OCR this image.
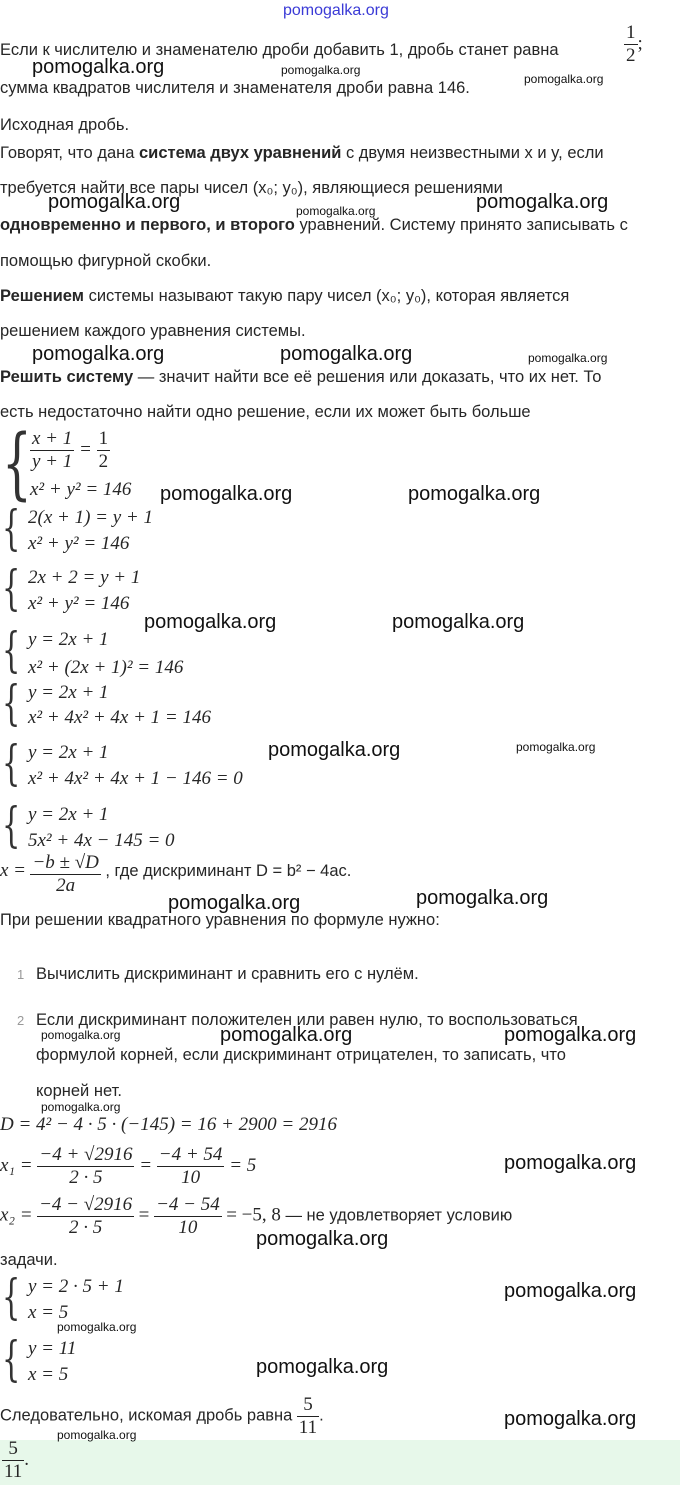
pomogalka.org
Если к числителю и знаменателю дроби добавить 1, дробь станет равна	$\frac{1}{2}$ ;
сумма квадратов числителя и знаменателя дроби равна 146.
Исходная дробь.
pomogalka.org	pomogalka.org
pomogalka.org
Говорят, что дана система двух уравнений с двумя неизвестными x и y, если
требуется найти все пары чисел (x₀; y₀), являющиеся решениями
pomogalka.org	pomogalka.org	pomogalka.org
одновременно и первого, и второго уравнений. Систему принято записывать с
помощью фигурной скобки.
Решением системы называют такую пару чисел (x₀; y₀), которая является
решением каждого уравнения системы.
pomogalka.org	pomogalka.org	pomogalka.org
Решить систему — значит найти все её решения или доказать, что их нет. То
есть недостаточно найти одно решение, если их может быть больше
{
$\frac{x + 1}{y + 1} = \frac{1}{2}$
x² + y² = 146 pomogalka.org	pomogalka.org
{ 2(x + 1) = y + 1
x² + y² = 146
{ 2x + 2 = y + 1
x² + y² = 146
pomogalka.org	pomogalka.org
{ y = 2x + 1
x² + (2x + 1)² = 146
{ y = 2x + 1
x² + 4x² + 4x + 1 = 146
{ y = 2x + 1
x² + 4x² + 4x + 1 − 146 = 0
pomogalka.org	pomogalka.org
{ y = 2x + 1
5x² + 4x − 145 = 0
$x = \frac{-b \pm √D}{2a}$ , где дискриминант D = b² − 4ac.
pomogalka.org	pomogalka.org
При решении квадратного уравнения по формуле нужно:
1 Вычислить дискриминант и сравнить его с нулём.
2 Если дискриминант положителен или равен нулю, то воспользоваться
pomogalka.org	pomogalka.org	pomogalka.org
формулой корней, если дискриминант отрицателен, то записать, что
корней нет.
pomogalka.org
D = 4² − 4 · 5 · (−145) = 16 + 2900 = 2916
$x_1 = \frac{-4 + √2916}{2 \cdot 5} = \frac{-4 + 54}{10} = 5$	pomogalka.org
$x_2 = \frac{-4 - √2916}{2 \cdot 5} = \frac{-4 - 54}{10} = -5$, 8 — не удовлетворяет условию
pomogalka.org
задачи.
{ y = 2 · 5 + 1
x = 5
pomogalka.org
pomogalka.org
{ y = 11
x = 5	pomogalka.org
Следовательно, искомая дробь равна $\frac{5}{11}$ .	pomogalka.org
pomogalka.org
$\frac{5}{11}$ .
